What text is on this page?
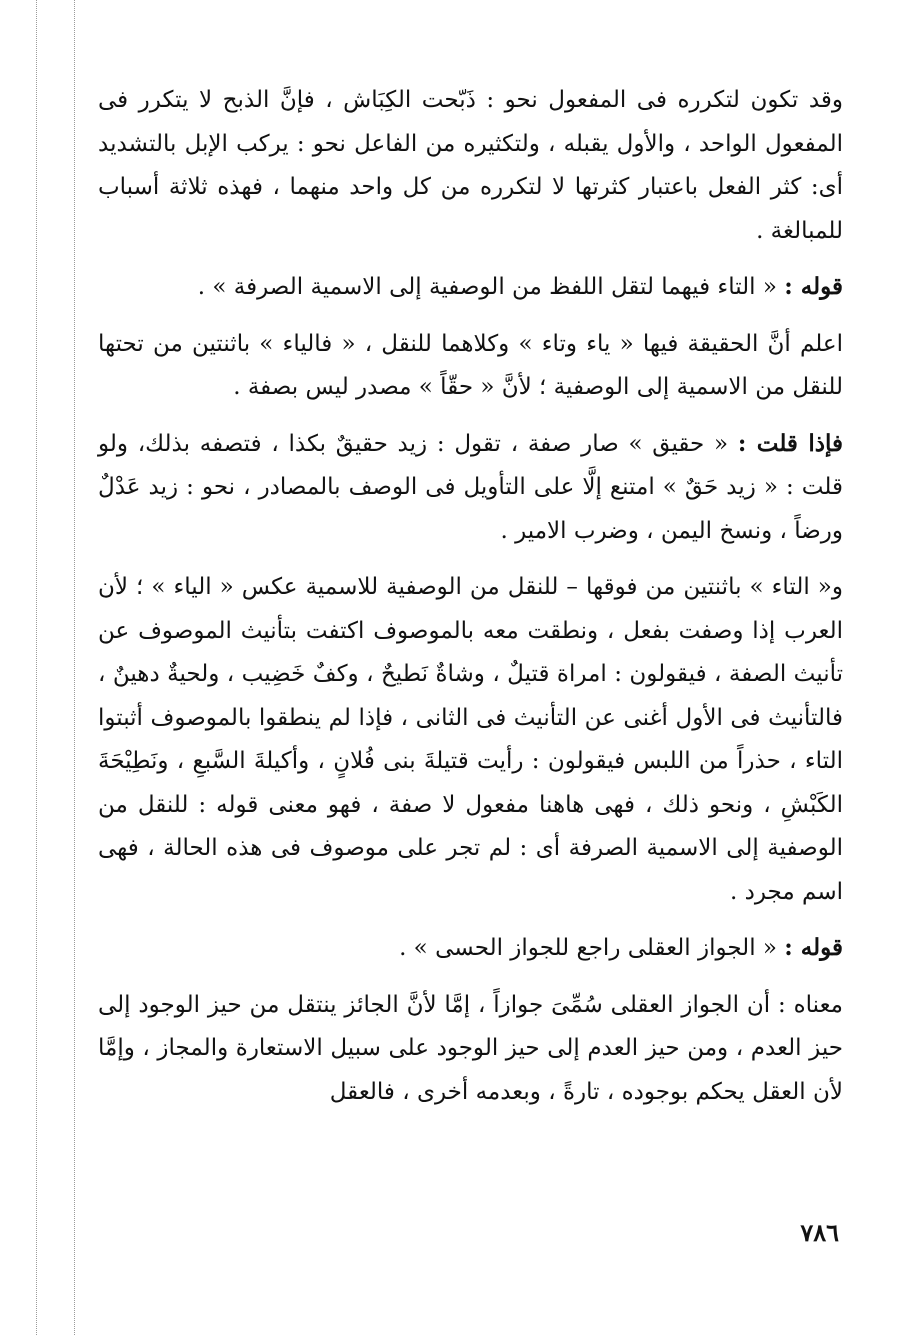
وقد تكون لتكرره فى المفعول نحو : ذَبّحت الكِبَاش ، فإنَّ الذبح لا يتكرر فى المفعول الواحد ، والأول يقبله ، ولتكثيره من الفاعل نحو : يركب الإبل بالتشديد أى: كثر الفعل باعتبار كثرتها لا لتكرره من كل واحد منهما ، فهذه ثلاثة أسباب للمبالغة .

قوله : « التاء فيهما لتقل اللفظ من الوصفية إلى الاسمية الصرفة » .

اعلم أنَّ الحقيقة فيها « ياء وتاء » وكلاهما للنقل ، « فالياء » باثنتين من تحتها للنقل من الاسمية إلى الوصفية ؛ لأنَّ « حقّاً » مصدر ليس بصفة .

فإذا قلت : « حقيق » صار صفة ، تقول : زيد حقيقٌ بكذا ، فتصفه بذلك، ولو قلت : « زيد حَقٌ » امتنع إلَّا على التأويل فى الوصف بالمصادر ، نحو : زيد عَدْلٌ ورضاً ، ونسخ اليمن ، وضرب الامير .

و« التاء » باثنتين من فوقها – للنقل من الوصفية للاسمية عكس « الياء » ؛ لأن العرب إذا وصفت بفعل ، ونطقت معه بالموصوف اكتفت بتأنيث الموصوف عن تأنيث الصفة ، فيقولون : امراة قتيلٌ ، وشاةٌ نَطيحٌ ، وكفٌ خَضِيب ، ولحيةٌ دهينٌ ، فالتأنيث فى الأول أغنى عن التأنيث فى الثانى ، فإذا لم ينطقوا بالموصوف أثبتوا التاء ، حذراً من اللبس فيقولون : رأيت قتيلةَ بنى فُلانٍ ، وأكيلةَ السَّبعِ ، ونَطِيْحَةَ الكَبْشِ ، ونحو ذلك ، فهى هاهنا مفعول لا صفة ، فهو معنى قوله : للنقل من الوصفية إلى الاسمية الصرفة أى : لم تجر على موصوف فى هذه الحالة ، فهى اسم مجرد .

قوله : « الجواز العقلى راجع للجواز الحسى » .

معناه : أن الجواز العقلى سُمِّىَ جوازاً ، إمَّا لأنَّ الجائز ينتقل من حيز الوجود إلى حيز العدم ، ومن حيز العدم إلى حيز الوجود على سبيل الاستعارة والمجاز ، وإمَّا لأن العقل يحكم بوجوده ، تارةً ، وبعدمه أخرى ، فالعقل

٧٨٦
